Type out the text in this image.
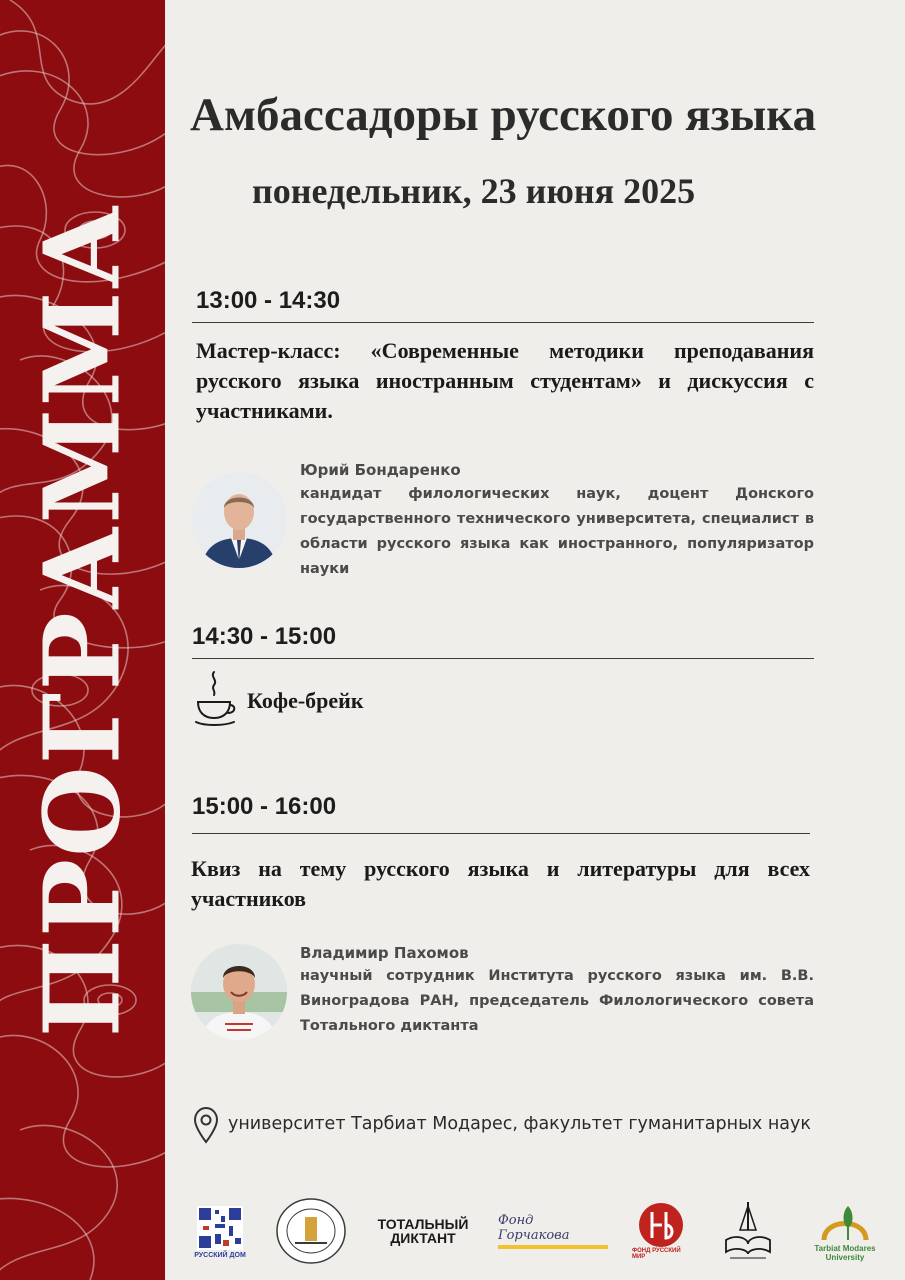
ПРОГРАММА
Амбассадоры русского языка
понедельник, 23 июня 2025
13:00 - 14:30
Мастер-класс: «Современные методики преподавания русского языка иностранным студентам» и дискуссия с участниками.
Юрий Бондаренко
кандидат филологических наук, доцент Донского государственного технического университета, специалист в области русского языка как иностранного, популяризатор науки
14:30 - 15:00
Кофе-брейк
15:00 - 16:00
Квиз на тему русского языка и литературы для всех участников
Владимир Пахомов
научный сотрудник Института русского языка им. В.В. Виноградова РАН, председатель Филологического совета Тотального диктанта
университет Тарбиат Модарес, факультет гуманитарных наук
РУССКИЙ ДОМ
ТОТАЛЬНЫЙ
ДИКТАНТ
Фонд Горчакова
ФОНД РУССКИЙ МИР
Tarbiat Modares University
